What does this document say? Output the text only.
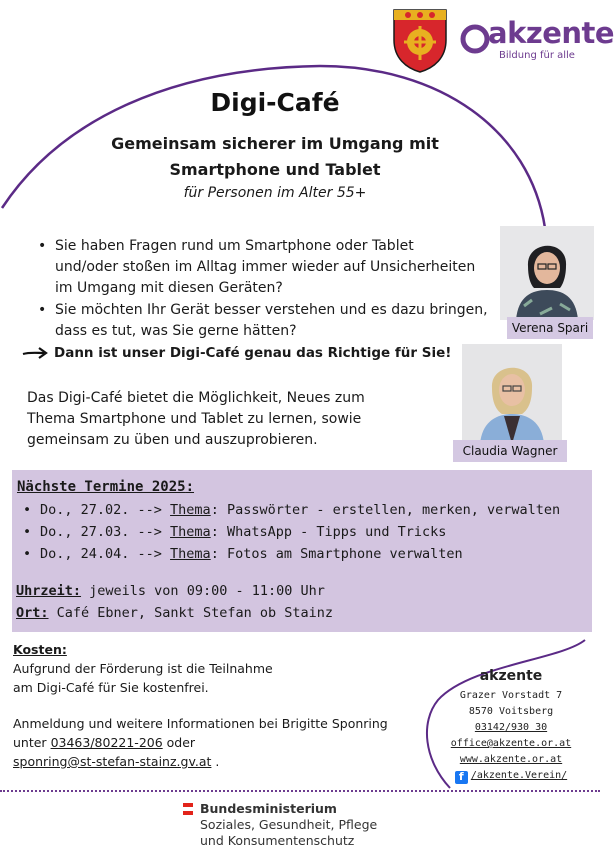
akzente
Bildung für alle
Digi-Café
Gemeinsam sicherer im Umgang mit
Smartphone und Tablet
für Personen im Alter 55+
• Sie haben Fragen rund um Smartphone oder Tablet
und/oder stoßen im Alltag immer wieder auf Unsicherheiten
im Umgang mit diesen Geräten?
• Sie möchten Ihr Gerät besser verstehen und es dazu bringen,
dass es tut, was Sie gerne hätten?
Dann ist unser Digi-Café genau das Richtige für Sie!
Das Digi-Café bietet die Möglichkeit, Neues zum
Thema Smartphone und Tablet zu lernen, sowie
gemeinsam zu üben und auszuprobieren.
Verena Spari
Claudia Wagner
Nächste Termine 2025:
• Do., 27.02. --> Thema: Passwörter - erstellen, merken, verwalten
• Do., 27.03. --> Thema: WhatsApp - Tipps und Tricks
• Do., 24.04. --> Thema: Fotos am Smartphone verwalten
Uhrzeit: jeweils von 09:00 - 11:00 Uhr
Ort: Café Ebner, Sankt Stefan ob Stainz
Kosten:
Aufgrund der Förderung ist die Teilnahme
am Digi-Café für Sie kostenfrei.
Anmeldung und weitere Informationen bei Brigitte Sponring
unter 03463/80221-206 oder
sponring@st-stefan-stainz.gv.at .
akzente
Grazer Vorstadt 7
8570 Voitsberg
03142/930 30
office@akzente.or.at
www.akzente.or.at
f /akzente.Verein/
Bundesministerium
Soziales, Gesundheit, Pflege
und Konsumentenschutz
